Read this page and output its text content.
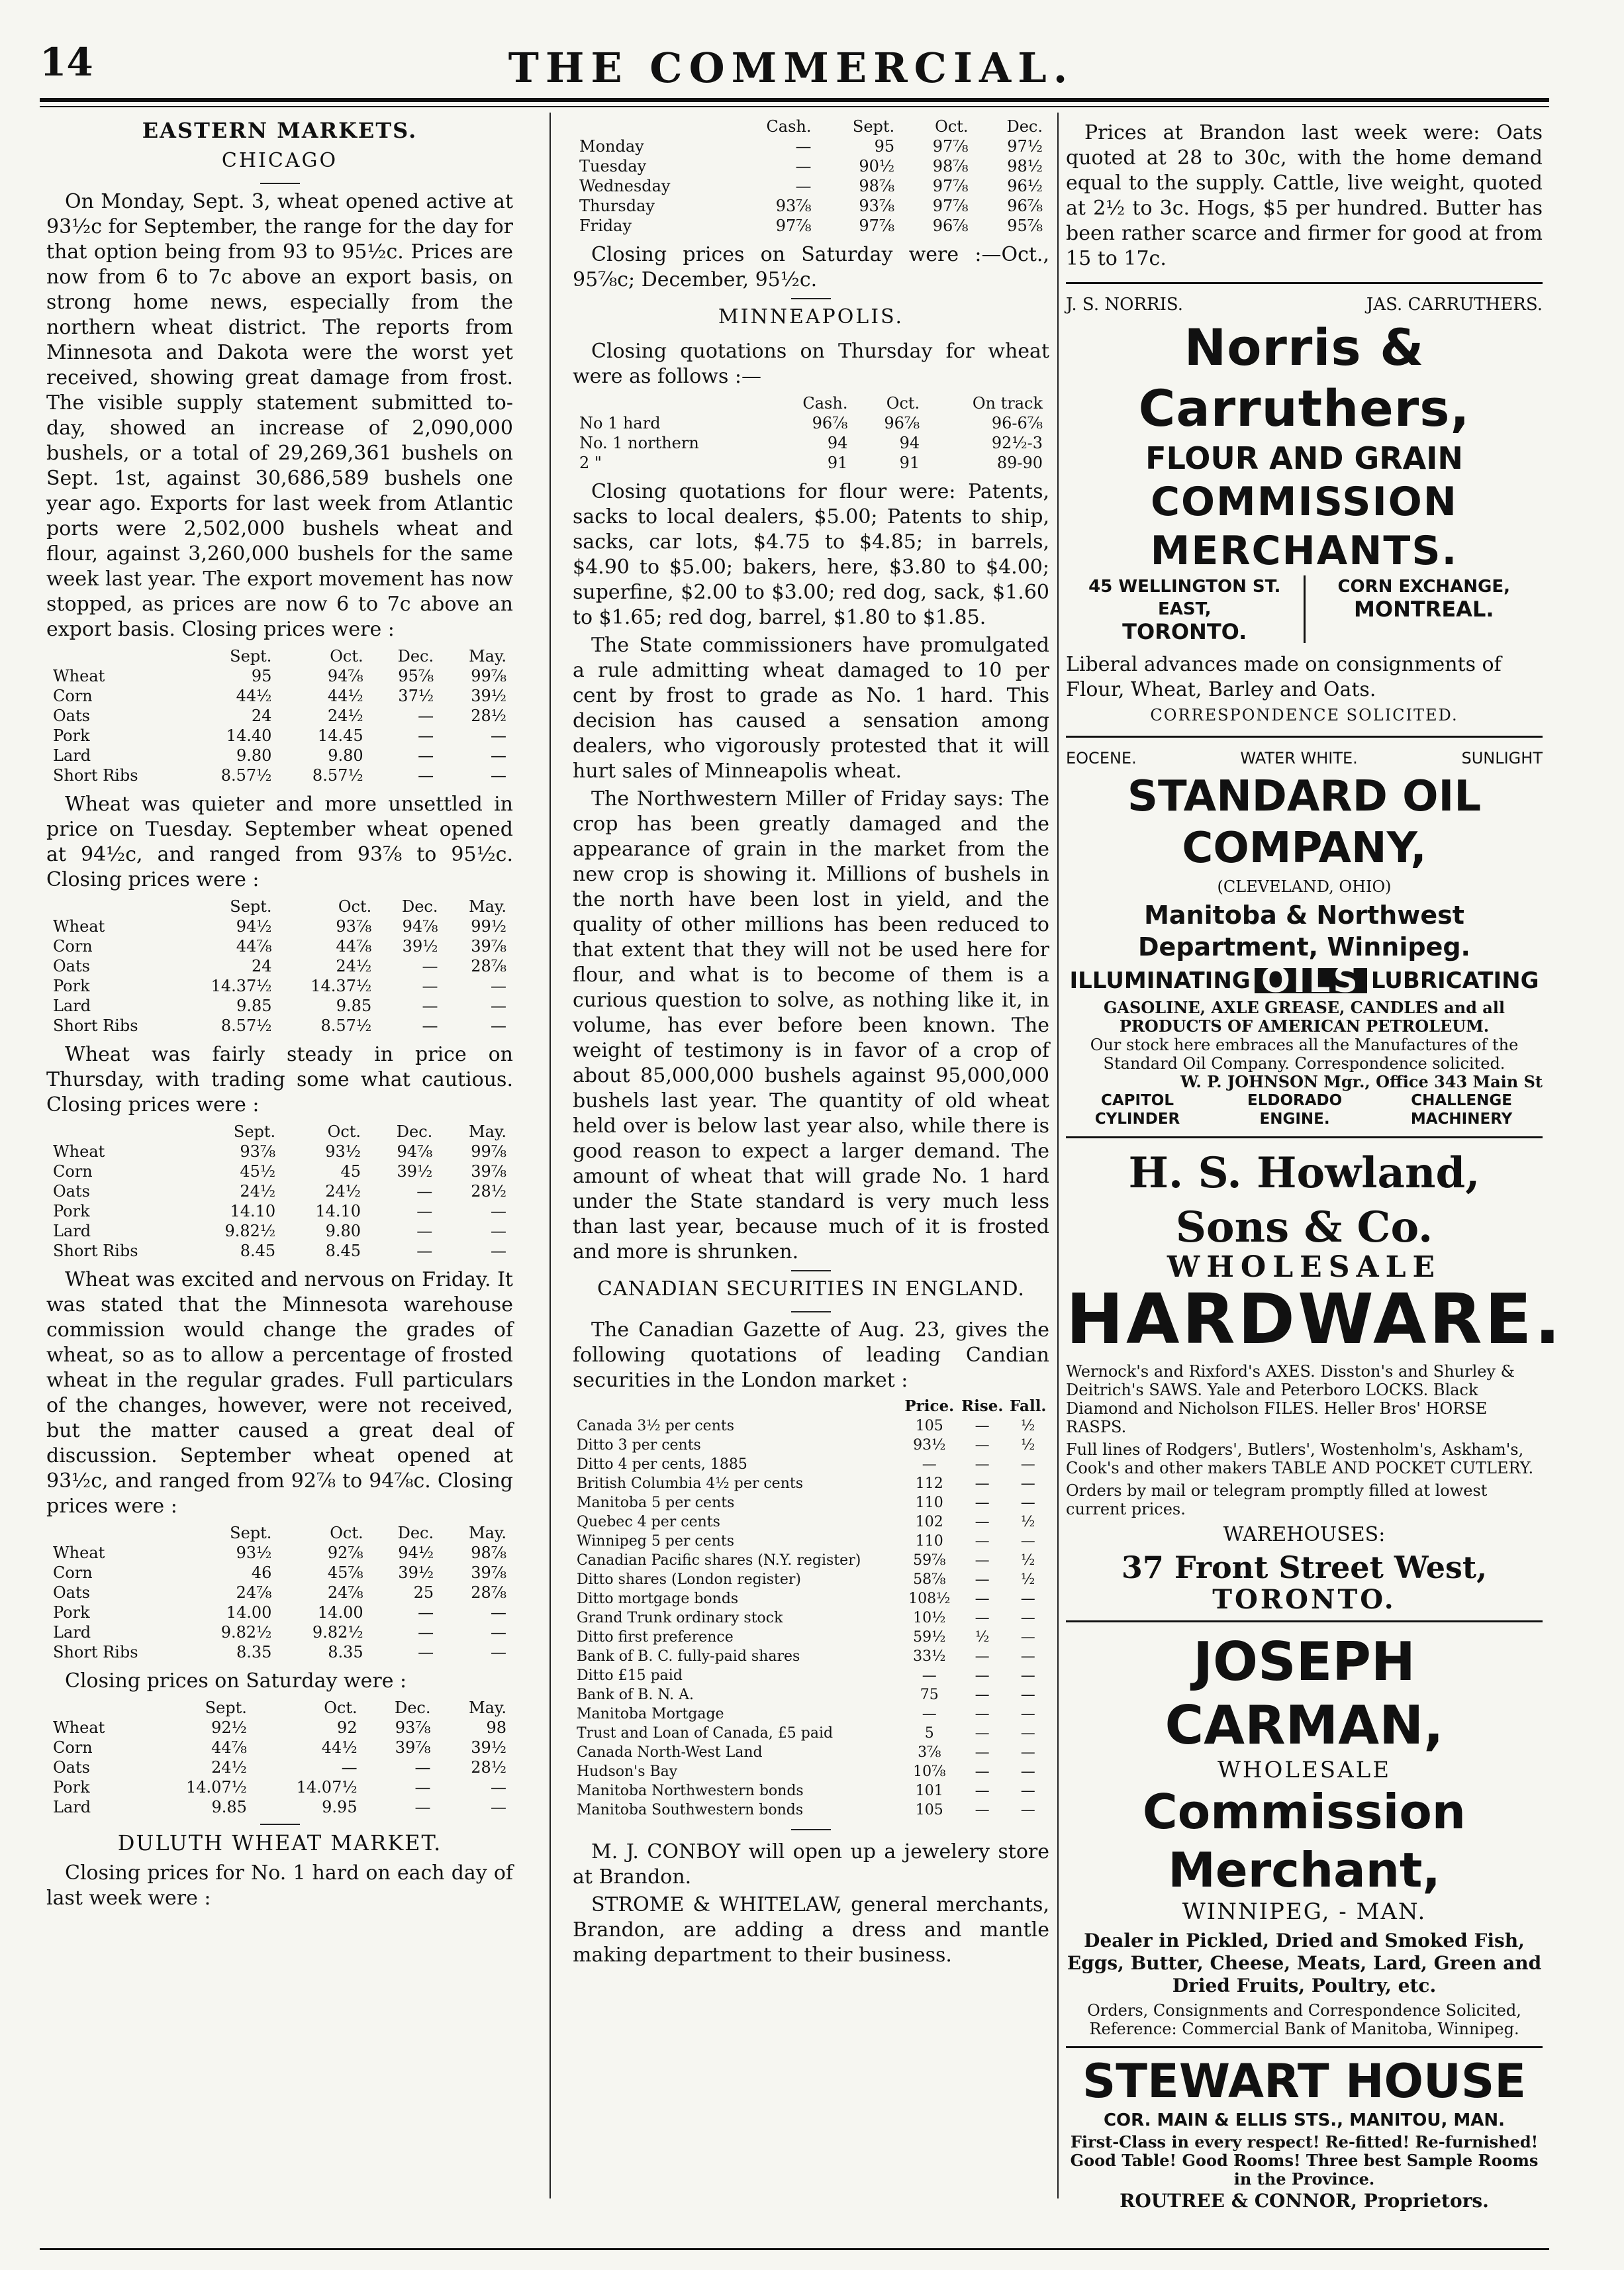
14	THE COMMERCIAL.
EASTERN MARKETS.
CHICAGO

On Monday, Sept. 3, wheat opened active at 93½c for September, the range for the day for that option being from 93 to 95½c. Prices are now from 6 to 7c above an export basis, on strong home news, especially from the northern wheat district. The reports from Minnesota and Dakota were the worst yet received, showing great damage from frost. The visible supply statement submitted to-day, showed an increase of 2,090,000 bushels, or a total of 29,269,361 bushels on Sept. 1st, against 30,686,589 bushels one year ago. Exports for last week from Atlantic ports were 2,502,000 bushels wheat and flour, against 3,260,000 bushels for the same week last year. The export movement has now stopped, as prices are now 6 to 7c above an export basis. Closing prices were :

	Sept.	Oct.	Dec.	May.
Wheat	95	94⅞	95⅞	99⅞
Corn	44½	44½	37½	39½
Oats	24	24½	—	28½
Pork	14.40	14.45	—	—
Lard	9.80	9.80	—	—
Short Ribs	8.57½	8.57½	—	—

Wheat was quieter and more unsettled in price on Tuesday. September wheat opened at 94½c, and ranged from 93⅞ to 95½c. Closing prices were :

	Sept.	Oct.	Dec.	May.
Wheat	94½	93⅞	94⅞	99½
Corn	44⅞	44⅞	39½	39⅞
Oats	24	24½	—	28⅞
Pork	14.37½	14.37½	—	—
Lard	9.85	9.85	—	—
Short Ribs	8.57½	8.57½	—	—

Wheat was fairly steady in price on Thursday, with trading some what cautious. Closing prices were :

	Sept.	Oct.	Dec.	May.
Wheat	93⅞	93½	94⅞	99⅞
Corn	45½	45	39½	39⅞
Oats	24½	24½	—	28½
Pork	14.10	14.10	—	—
Lard	9.82½	9.80	—	—
Short Ribs	8.45	8.45	—	—

Wheat was excited and nervous on Friday. It was stated that the Minnesota warehouse commission would change the grades of wheat, so as to allow a percentage of frosted wheat in the regular grades. Full particulars of the changes, however, were not received, but the matter caused a great deal of discussion. September wheat opened at 93½c, and ranged from 92⅞ to 94⅞c. Closing prices were :

	Sept.	Oct.	Dec.	May.
Wheat	93½	92⅞	94½	98⅞
Corn	46	45⅞	39½	39⅞
Oats	24⅞	24⅞	25	28⅞
Pork	14.00	14.00	—	—
Lard	9.82½	9.82½	—	—
Short Ribs	8.35	8.35	—	—

Closing prices on Saturday were :

	Sept.	Oct.	Dec.	May.
Wheat	92½	92	93⅞	98
Corn	44⅞	44½	39⅞	39½
Oats	24½	—	—	28½
Pork	14.07½	14.07½	—	—
Lard	9.85	9.95	—	—
DULUTH WHEAT MARKET.

Closing prices for No. 1 hard on each day of last week were :

	Cash.	Sept.	Oct.	Dec.
Monday	—	95	97⅞	97½
Tuesday	—	90½	98⅞	98½
Wednesday	—	98⅞	97⅞	96½
Thursday	93⅞	93⅞	97⅞	96⅞
Friday	97⅞	97⅞	96⅞	95⅞

Closing prices on Saturday were :—Oct., 95⅞c; December, 95½c.

MINNEAPOLIS.

Closing quotations on Thursday for wheat were as follows :—

	Cash.	Oct.	On track
No 1 hard	96⅞	96⅞	96-6⅞
No. 1 northern	94	94	92½-3
2 "	91	91	89-90

Closing quotations for flour were: Patents, sacks to local dealers, $5.00; Patents to ship, sacks, car lots, $4.75 to $4.85; in barrels, $4.90 to $5.00; bakers, here, $3.80 to $4.00; superfine, $2.00 to $3.00; red dog, sack, $1.60 to $1.65; red dog, barrel, $1.80 to $1.85.

The State commissioners have promulgated a rule admitting wheat damaged to 10 per cent by frost to grade as No. 1 hard. This decision has caused a sensation among dealers, who vigorously protested that it will hurt sales of Minneapolis wheat.

The Northwestern Miller of Friday says: The crop has been greatly damaged and the appearance of grain in the market from the new crop is showing it. Millions of bushels in the north have been lost in yield, and the quality of other millions has been reduced to that extent that they will not be used here for flour, and what is to become of them is a curious question to solve, as nothing like it, in volume, has ever before been known. The weight of testimony is in favor of a crop of about 85,000,000 bushels against 95,000,000 bushels last year. The quantity of old wheat held over is below last year also, while there is good reason to expect a larger demand. The amount of wheat that will grade No. 1 hard under the State standard is very much less than last year, because much of it is frosted and more is shrunken.

CANADIAN SECURITIES IN ENGLAND.

The Canadian Gazette of Aug. 23, gives the following quotations of leading Candian securities in the London market :

	Price.	Rise.	Fall.
Canada 3½ per cents	105	—	½
Ditto 3 per cents	93½	—	½
Ditto 4 per cents, 1885	—	—	—
British Columbia 4½ per cents	112	—	—
Manitoba 5 per cents	110	—	—
Quebec 4 per cents	102	—	½
Winnipeg 5 per cents	110	—	—
Canadian Pacific shares (N.Y. register)	59⅞	—	½
Ditto shares (London register)	58⅞	—	½
Ditto mortgage bonds	108½	—	—
Grand Trunk ordinary stock	10½	—	—
Ditto first preference	59½	½	—
Bank of B. C. fully-paid shares	33½	—	—
Ditto £15 paid	—	—	—
Bank of B. N. A.	75	—	—
Manitoba Mortgage	—	—	—
Trust and Loan of Canada, £5 paid	5	—	—
Canada North-West Land	3⅞	—	—
Hudson's Bay	10⅞	—	—
Manitoba Northwestern bonds	101	—	—
Manitoba Southwestern bonds	105	—	—

M. J. CONBOY will open up a jewelery store at Brandon.

STROME & WHITELAW, general merchants, Brandon, are adding a dress and mantle making department to their business.

Prices at Brandon last week were: Oats quoted at 28 to 30c, with the home demand equal to the supply. Cattle, live weight, quoted at 2½ to 3c. Hogs, $5 per hundred. Butter has been rather scarce and firmer for good at from 15 to 17c.

J. S. NORRIS.	JAS. CARRUTHERS.
Norris & Carruthers,
FLOUR AND GRAIN
COMMISSION MERCHANTS.
45 WELLINGTON ST. EAST,
TORONTO.
CORN EXCHANGE,
MONTREAL.
Liberal advances made on consignments of Flour, Wheat, Barley and Oats.
CORRESPONDENCE SOLICITED.
EOCENE.	WATER WHITE.	SUNLIGHT
STANDARD OIL COMPANY,
(CLEVELAND, OHIO)
Manitoba & Northwest Department, Winnipeg.
ILLUMINATING OILS LUBRICATING
GASOLINE, AXLE GREASE, CANDLES and all PRODUCTS OF AMERICAN PETROLEUM.
Our stock here embraces all the Manufactures of the Standard Oil Company. Correspondence solicited.
W. P. JOHNSON Mgr., Office 343 Main St
CAPITOL CYLINDER
ELDORADO ENGINE.
CHALLENGE MACHINERY
H. S. Howland, Sons & Co.
WHOLESALE
HARDWARE.
Wernock's and Rixford's AXES. Disston's and Shurley & Deitrich's SAWS. Yale and Peterboro LOCKS. Black Diamond and Nicholson FILES. Heller Bros' HORSE RASPS.
Full lines of Rodgers', Butlers', Wostenholm's, Askham's, Cook's and other makers TABLE AND POCKET CUTLERY.
Orders by mail or telegram promptly filled at lowest current prices.
WAREHOUSES:
37 Front Street West,
TORONTO.
JOSEPH CARMAN,
WHOLESALE
Commission Merchant,
WINNIPEG, - MAN.
Dealer in Pickled, Dried and Smoked Fish, Eggs, Butter, Cheese, Meats, Lard, Green and Dried Fruits, Poultry, etc.
Orders, Consignments and Correspondence Solicited, Reference: Commercial Bank of Manitoba, Winnipeg.
STEWART HOUSE
COR. MAIN & ELLIS STS., MANITOU, MAN.
First-Class in every respect! Re-fitted! Re-furnished! Good Table! Good Rooms! Three best Sample Rooms in the Province.
ROUTREE & CONNOR, Proprietors.
